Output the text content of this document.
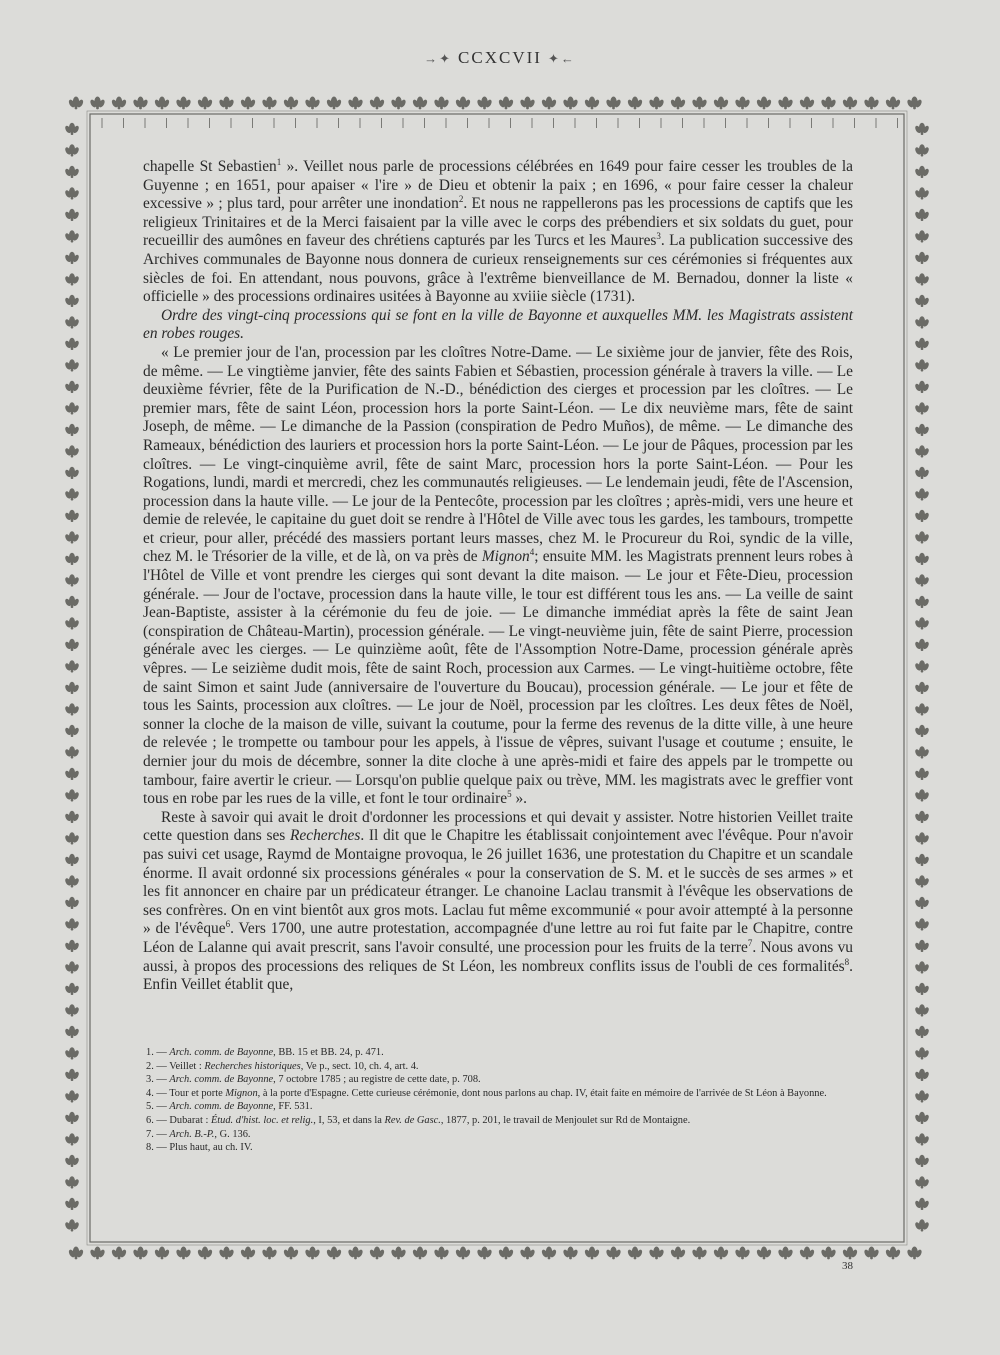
→✦ CCXCVII ✦←

chapelle St Sebastien$^1$ ». Veillet nous parle de processions célébrées en 1649 pour faire cesser les troubles de la Guyenne ; en 1651, pour apaiser « l'ire » de Dieu et obtenir la paix ; en 1696, « pour faire cesser la chaleur excessive » ; plus tard, pour arrêter une inondation$^2$. Et nous ne rappellerons pas les processions de captifs que les religieux Trinitaires et de la Merci faisaient par la ville avec le corps des prébendiers et six soldats du guet, pour recueillir des aumônes en faveur des chrétiens capturés par les Turcs et les Maures$^3$. La publication successive des Archives communales de Bayonne nous donnera de curieux renseignements sur ces cérémonies si fréquentes aux siècles de foi. En attendant, nous pouvons, grâce à l'extrême bienveillance de M. Bernadou, donner la liste « officielle » des processions ordinaires usitées à Bayonne au xviiie siècle (1731).

Ordre des vingt-cinq processions qui se font en la ville de Bayonne et auxquelles MM. les Magistrats assistent en robes rouges.

« Le premier jour de l'an, procession par les cloîtres Notre-Dame. — Le sixième jour de janvier, fête des Rois, de même. — Le vingtième janvier, fête des saints Fabien et Sébastien, procession générale à travers la ville. — Le deuxième février, fête de la Purification de N.-D., bénédiction des cierges et procession par les cloîtres. — Le premier mars, fête de saint Léon, procession hors la porte Saint-Léon. — Le dix neuvième mars, fête de saint Joseph, de même. — Le dimanche de la Passion (conspiration de Pedro Muños), de même. — Le dimanche des Rameaux, bénédiction des lauriers et procession hors la porte Saint-Léon. — Le jour de Pâques, procession par les cloîtres. — Le vingt-cinquième avril, fête de saint Marc, procession hors la porte Saint-Léon. — Pour les Rogations, lundi, mardi et mercredi, chez les communautés religieuses. — Le lendemain jeudi, fête de l'Ascension, procession dans la haute ville. — Le jour de la Pentecôte, procession par les cloîtres ; après-midi, vers une heure et demie de relevée, le capitaine du guet doit se rendre à l'Hôtel de Ville avec tous les gardes, les tambours, trompette et crieur, pour aller, précédé des massiers portant leurs masses, chez M. le Procureur du Roi, syndic de la ville, chez M. le Trésorier de la ville, et de là, on va près de Mignon$^4$; ensuite MM. les Magistrats prennent leurs robes à l'Hôtel de Ville et vont prendre les cierges qui sont devant la dite maison. — Le jour et Fête-Dieu, procession générale. — Jour de l'octave, procession dans la haute ville, le tour est différent tous les ans. — La veille de saint Jean-Baptiste, assister à la cérémonie du feu de joie. — Le dimanche immédiat après la fête de saint Jean (conspiration de Château-Martin), procession générale. — Le vingt-neuvième juin, fête de saint Pierre, procession générale avec les cierges. — Le quinzième août, fête de l'Assomption Notre-Dame, procession générale après vêpres. — Le seizième dudit mois, fête de saint Roch, procession aux Carmes. — Le vingt-huitième octobre, fête de saint Simon et saint Jude (anniversaire de l'ouverture du Boucau), procession générale. — Le jour et fête de tous les Saints, procession aux cloîtres. — Le jour de Noël, procession par les cloîtres. Les deux fêtes de Noël, sonner la cloche de la maison de ville, suivant la coutume, pour la ferme des revenus de la ditte ville, à une heure de relevée ; le trompette ou tambour pour les appels, à l'issue de vêpres, suivant l'usage et coutume ; ensuite, le dernier jour du mois de décembre, sonner la dite cloche à une après-midi et faire des appels par le trompette ou tambour, faire avertir le crieur. — Lorsqu'on publie quelque paix ou trève, MM. les magistrats avec le greffier vont tous en robe par les rues de la ville, et font le tour ordinaire$^5$ ».

Reste à savoir qui avait le droit d'ordonner les processions et qui devait y assister. Notre historien Veillet traite cette question dans ses Recherches. Il dit que le Chapitre les établissait conjointement avec l'évêque. Pour n'avoir pas suivi cet usage, Raymd de Montaigne provoqua, le 26 juillet 1636, une protestation du Chapitre et un scandale énorme. Il avait ordonné six processions générales « pour la conservation de S. M. et le succès de ses armes » et les fit annoncer en chaire par un prédicateur étranger. Le chanoine Laclau transmit à l'évêque les observations de ses confrères. On en vint bientôt aux gros mots. Laclau fut même excommunié « pour avoir attempté à la personne » de l'évêque$^6$. Vers 1700, une autre protestation, accompagnée d'une lettre au roi fut faite par le Chapitre, contre Léon de Lalanne qui avait prescrit, sans l'avoir consulté, une procession pour les fruits de la terre$^7$. Nous avons vu aussi, à propos des processions des reliques de St Léon, les nombreux conflits issus de l'oubli de ces formalités$^8$. Enfin Veillet établit que,

1. — Arch. comm. de Bayonne, BB. 15 et BB. 24, p. 471.
2. — Veillet : Recherches historiques, Ve p., sect. 10, ch. 4, art. 4.
3. — Arch. comm. de Bayonne, 7 octobre 1785 ; au registre de cette date, p. 708.
4. — Tour et porte Mignon, à la porte d'Espagne. Cette curieuse cérémonie, dont nous parlons au chap. IV, était faite en mémoire de l'arrivée de St Léon à Bayonne.
5. — Arch. comm. de Bayonne, FF. 531.
6. — Dubarat : Étud. d'hist. loc. et relig., I, 53, et dans la Rev. de Gasc., 1877, p. 201, le travail de Menjoulet sur Rd de Montaigne.
7. — Arch. B.-P., G. 136.
8. — Plus haut, au ch. IV.
38
